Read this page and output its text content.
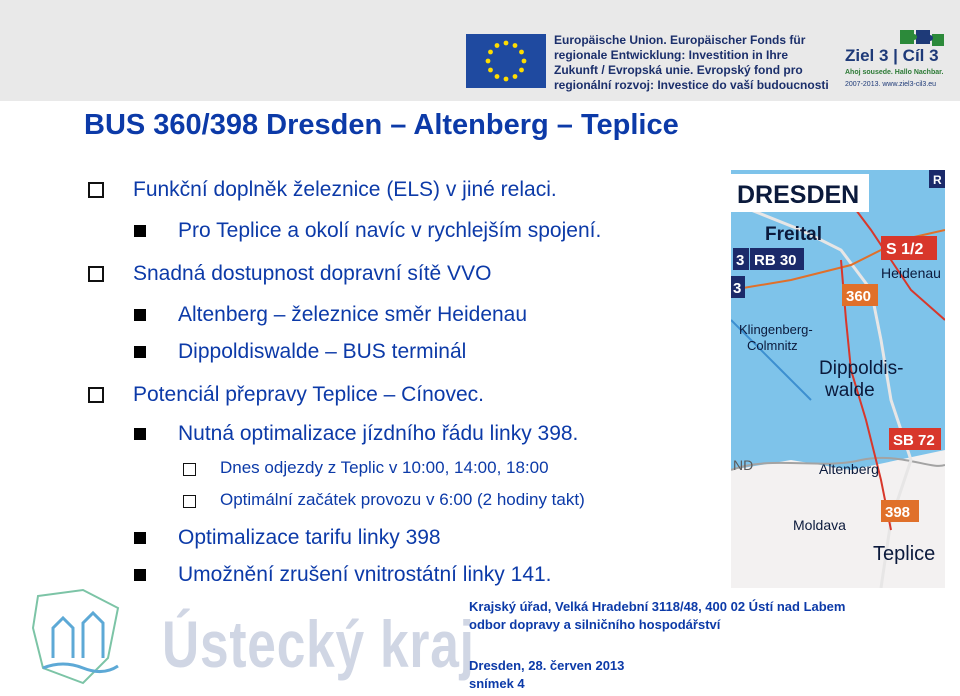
Europäische Union. Europäischer Fonds für
regionale Entwicklung: Investition in Ihre
Zukunft / Evropská unie. Evropský fond pro
regionální rozvoj: Investice do vaší budoucnosti
Ziel 3 | Cíl 3
Ahoj sousede. Hallo Nachbar.
2007-2013. www.ziel3-cil3.eu
BUS 360/398 Dresden – Altenberg – Teplice
Funkční doplněk železnice (ELS) v jiné relaci.
Pro Teplice a okolí navíc v rychlejším spojení.
Snadná dostupnost dopravní sítě VVO
Altenberg – železnice směr Heidenau
Dippoldiswalde – BUS terminál
Potenciál přepravy Teplice – Cínovec.
Nutná optimalizace jízdního řádu linky 398.
Dnes odjezdy z Teplic v 10:00, 14:00, 18:00
Optimální začátek provozu v 6:00 (2 hodiny takt)
Optimalizace tarifu linky 398
Umožnění zrušení vnitrostátní linky 141.
DRESDEN
R
Freital
3 RB 30
3
S 1/2
Heidenau
360
Klingenberg-
Colmnitz
Dippoldis-
walde
SB 72
ND	Altenberg
398
Moldava
Teplice
Ústecký kraj
Krajský úřad, Velká Hradební 3118/48, 400 02 Ústí nad Labem
odbor dopravy a silničního hospodářství
Dresden, 28. červen 2013
snímek 4
